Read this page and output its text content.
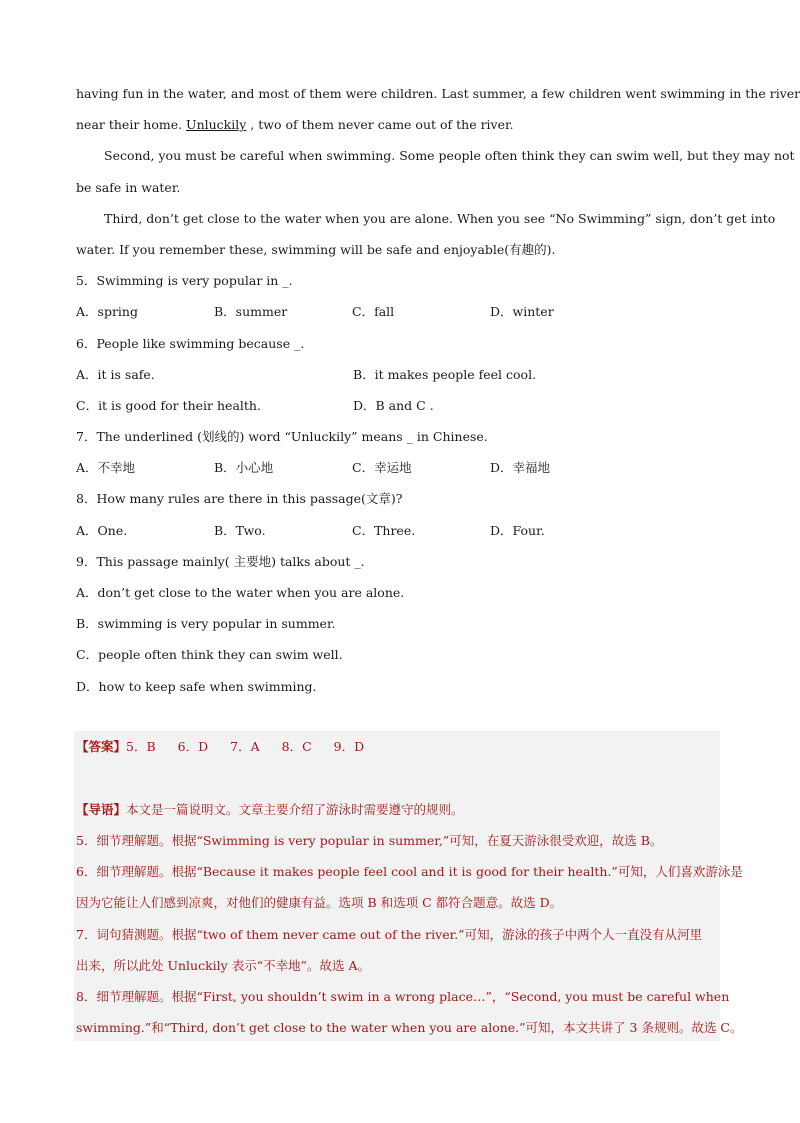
having fun in the water, and most of them were children. Last summer, a few children went swimming in the river
near their home. Unluckily , two of them never came out of the river.
Second, you must be careful when swimming. Some people often think they can swim well, but they may not
be safe in water.
Third, don’t get close to the water when you are alone. When you see “No Swimming” sign, don’t get into
water. If you remember these, swimming will be safe and enjoyable(有趣的).
5．Swimming is very popular in _.
A．spring	B．summer	C．fall	D．winter
6．People like swimming because _.
A．it is safe.	B．it makes people feel cool.
C．it is good for their health.	D．B and C .
7．The underlined (划线的) word “Unluckily” means _ in Chinese.
A．不幸地	B．小心地	C．幸运地	D．幸福地
8．How many rules are there in this passage(文章)?
A．One.	B．Two.	C．Three.	D．Four.
9．This passage mainly( 主要地) talks about _.
A．don’t get close to the water when you are alone.
B．swimming is very popular in summer.
C．people often think they can swim well.
D．how to keep safe when swimming.
【答案】5．B 6．D 7．A 8．C 9．D
【导语】本文是一篇说明文。文章主要介绍了游泳时需要遵守的规则。
5．细节理解题。根据“Swimming is very popular in summer,”可知，在夏天游泳很受欢迎，故选 B。
6．细节理解题。根据“Because it makes people feel cool and it is good for their health.”可知，人们喜欢游泳是
因为它能让人们感到凉爽，对他们的健康有益。选项 B 和选项 C 都符合题意。故选 D。
7．词句猜测题。根据“two of them never came out of the river.”可知，游泳的孩子中两个人一直没有从河里
出来，所以此处 Unluckily 表示“不幸地”。故选 A。
8．细节理解题。根据“First, you shouldn’t swim in a wrong place…”，“Second, you must be careful when
swimming.”和“Third, don’t get close to the water when you are alone.”可知，本文共讲了 3 条规则。故选 C。
